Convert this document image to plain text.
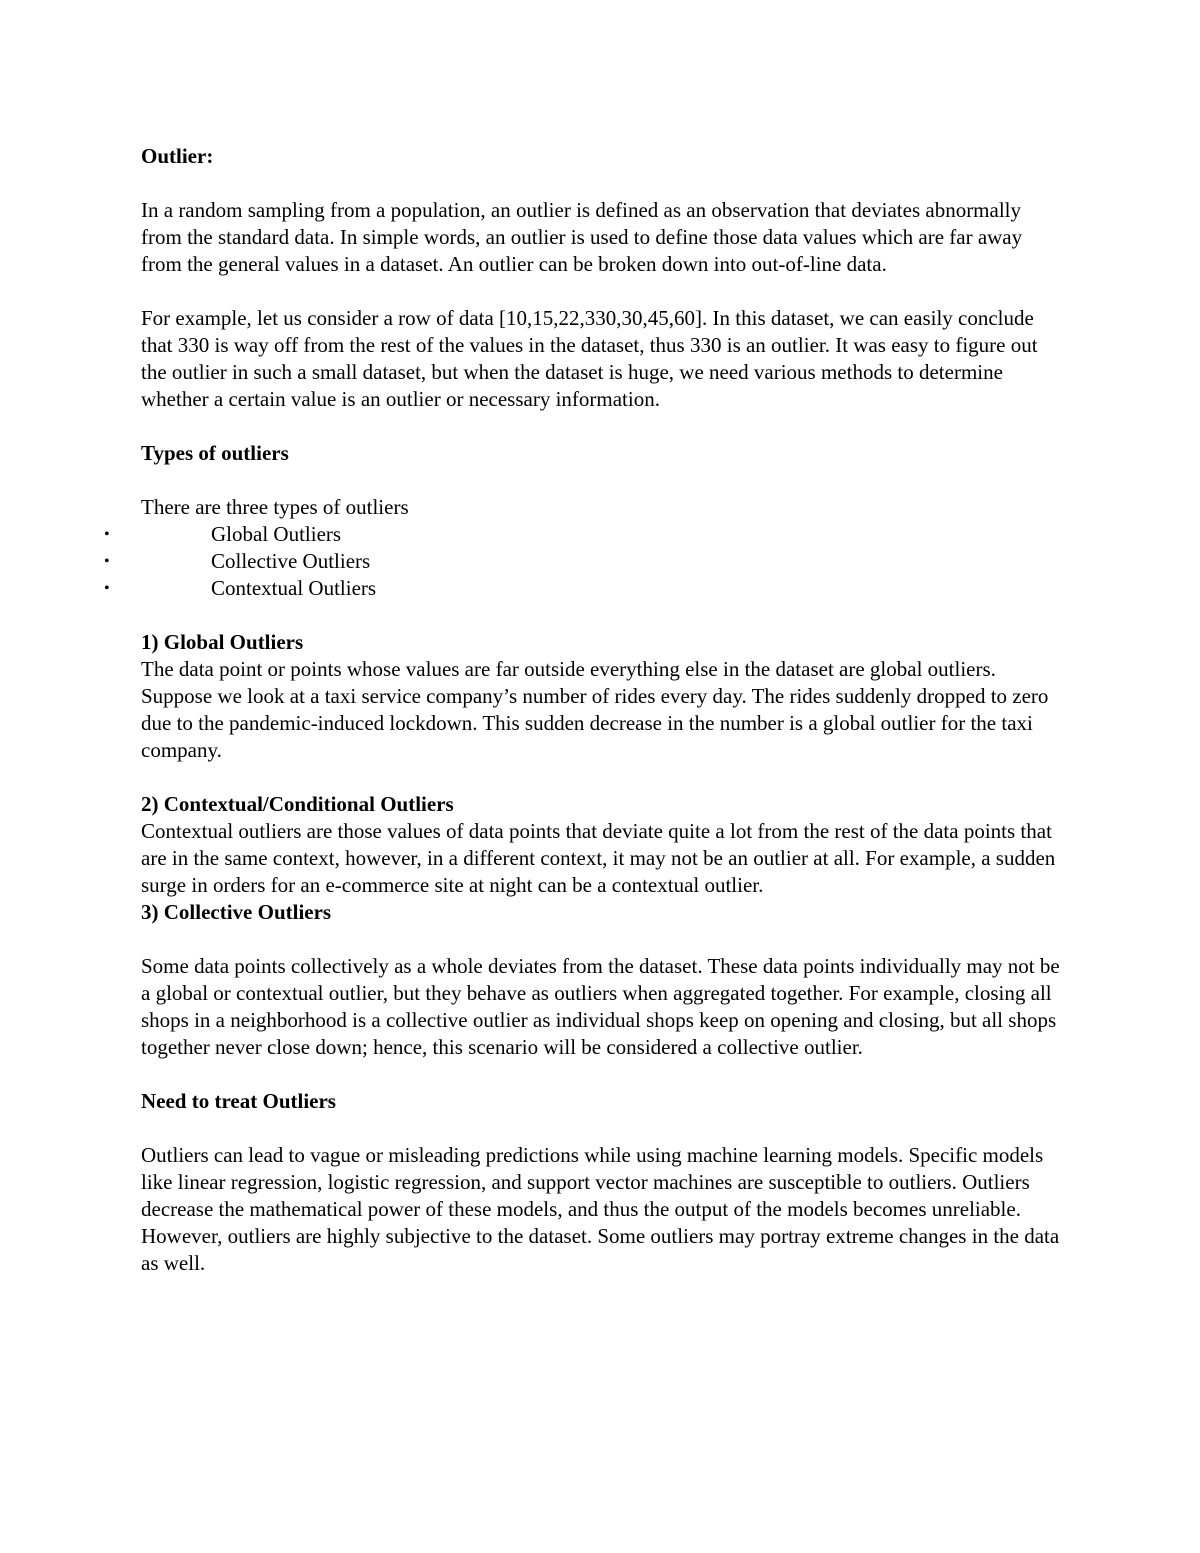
Outlier:

In a random sampling from a population, an outlier is defined as an observation that deviates abnormally from the standard data. In simple words, an outlier is used to define those data values which are far away from the general values in a dataset. An outlier can be broken down into out-of-line data.

For example, let us consider a row of data [10,15,22,330,30,45,60]. In this dataset, we can easily conclude that 330 is way off from the rest of the values in the dataset, thus 330 is an outlier. It was easy to figure out the outlier in such a small dataset, but when the dataset is huge, we need various methods to determine whether a certain value is an outlier or necessary information.

Types of outliers

There are three types of outliers

•	Global Outliers
•	Collective Outliers
•	Contextual Outliers

1) Global Outliers

The data point or points whose values are far outside everything else in the dataset are global outliers. Suppose we look at a taxi service company’s number of rides every day. The rides suddenly dropped to zero due to the pandemic-induced lockdown. This sudden decrease in the number is a global outlier for the taxi company.

2) Contextual/Conditional Outliers

Contextual outliers are those values of data points that deviate quite a lot from the rest of the data points that are in the same context, however, in a different context, it may not be an outlier at all. For example, a sudden surge in orders for an e-commerce site at night can be a contextual outlier.

3) Collective Outliers

Some data points collectively as a whole deviates from the dataset. These data points individually may not be a global or contextual outlier, but they behave as outliers when aggregated together. For example, closing all shops in a neighborhood is a collective outlier as individual shops keep on opening and closing, but all shops together never close down; hence, this scenario will be considered a collective outlier.

Need to treat Outliers

Outliers can lead to vague or misleading predictions while using machine learning models. Specific models like linear regression, logistic regression, and support vector machines are susceptible to outliers. Outliers decrease the mathematical power of these models, and thus the output of the models becomes unreliable. However, outliers are highly subjective to the dataset. Some outliers may portray extreme changes in the data as well.
